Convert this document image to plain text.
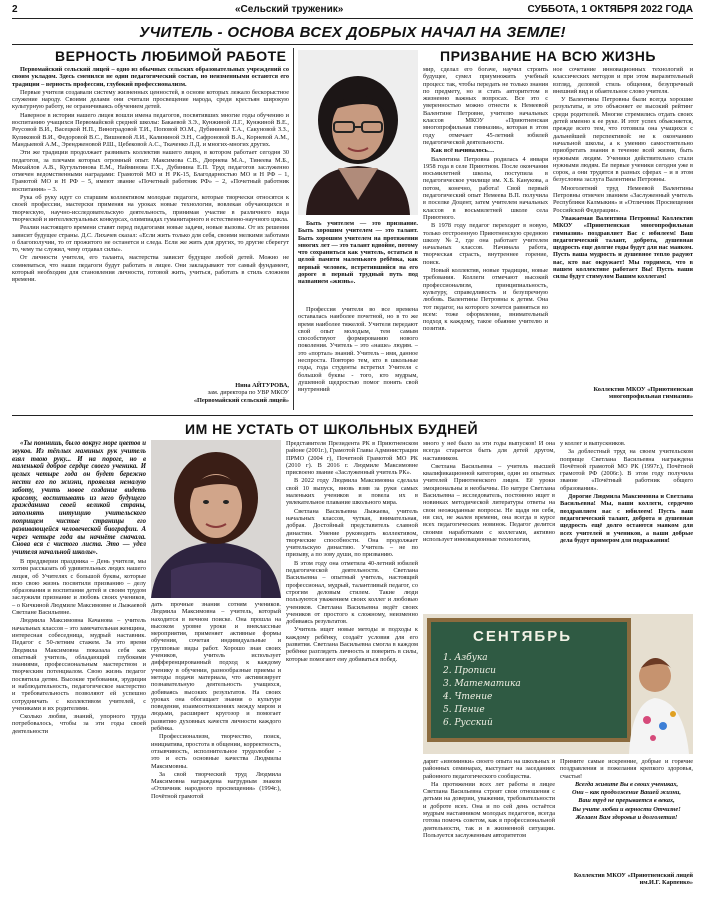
2	«Сельский труженик»	СУББОТА, 1 ОКТЯБРЯ 2022 ГОДА
УЧИТЕЛЬ - ОСНОВА ВСЕХ ДОБРЫХ НАЧАЛ НА ЗЕМЛЕ!
ВЕРНОСТЬ ЛЮБИМОЙ РАБОТЕ

Первомайский сельский лицей – одно из обычных сельских образовательных учреждений со своим укладом. Здесь сменился не один педагогический состав, но неизменными остаются его традиции – верность профессии, глубокий профессионализм.

Первые учителя создавали систему жизненных ценностей, в основе которых лежало бескорыстное служение народу. Своими делами они считали просвещение народа, среди крестьян широкую культурную работу, не ограничиваясь обучением детей.

Наверное в истории нашего лицея вошли имена педагогов, посвятивших многие годы обучению и воспитанию учащихся Первомайской средней школы: Бакаевой З.Э., Кунжиной Л.Г., Кунжиной В.Е., Реусовой В.И., Васецкой Н.П., Виноградовой Т.И., Поповой Ю.М., Дубининой Т.А., Сакуновой З.З., Куликовой В.И., Федоровой В.С., Вишневой Л.И., Калининой Э.Н., Сафроновой В.А., Корневой А.М., Мандыевой А.М., Эрендженовой Р.Ш., Цебековой А.С., Ткаченко Л.Д. и многих-многих других.

Эти же традиции продолжает развивать коллектив нашего лицея, в котором работает сегодня 30 педагогов, за плечами которых огромный опыт. Максимова С.В., Дюрнева М.А., Тинеева М.Б., Михайлов А.В., Кугультинова Е.М., Найминова Г.Х., Дубинина Е.П. Труд педагогов заслуженно отмечен ведомственными наградами: Грамотой МО и Н РК-15, Благодарностью МО и Н РФ – 1, Грамотой МО и Н РФ – 5, имеют звание «Почетный работник РФ» – 2, «Почетный работник воспитания» – 3.

Рука об руку идут со старшим коллективом молодые педагоги, которые творчески относятся к своей профессии, мастерски применяя на уроках новые технологии, вовлекая обучающихся в творческую, научно-исследовательскую деятельность, принимая участие в различного вида творческой и интеллектуальных конкурсах, олимпиадах гуманитарного и естественно-научного цикла.

Реалии настоящего времени ставят перед педагогами новые задачи, новые вызовы. От их решения зависит будущее страны. Д.С. Лихачев сказал: «Если жить только для себя, своими мелкими заботами о благополучии, то от прожитого не останется и следа. Если же жить для других, то другие сберегут то, чему ты служил, чему отдавал силы».

От личности учителя, его таланта, мастерства зависит будущее любой детей. Можно не сомневаться, что наши педагоги будут работать в лицее. Они закладывают тот самый фундамент, который необходим для становления личности, готовой жить, учиться, работать в стиль сложном времени.

Нина АЙТУРОВА,
зам. директора по УВР МКОУ
«Первомайский сельский лицей»

Быть учителем — это призвание. Быть хорошим учителем — это талант. Быть хорошим учителем на протяжении многих лет — это талант вдвойне, потому что сохраниться как учитель, остаться в целой памяти маленького ребёнка, как первый человек, встретившийся на его дороге в первый трудный путь под названием «жизнь».

Профессия учителя во все времена оставалась наиболее почетной, но в то же время наиболее тяжелой. Учителя передают свой опыт молодым, тем самым способствуют формированию нового поколения. Учитель – это «наше» людям. – это «портал» знаний. Учитель – имя, данное неспроста. Повторю тем, кто в школьные годы, года студенты встретил Учителя с большой буквы - того, кто мудрым, душевной щедростью помог понять свой внутренний

ПРИЗВАНИЕ НА ВСЮ ЖИЗНЬ

мир, сделал его богаче, научил строить будущее, сумел приумножить учебный процесс так, чтобы передать не только знания по предмету, но и стать авторитетом в жизненно важных вопросах. Все это с уверенностью можно отнести к Немеевой Валентине Петровне, учителю начальных классов МКОУ «Приютненская многопрофильная гимназия», которая в этом году отмечает 45-летний юбилей педагогической деятельности.

Как всё начиналось…

Валентина Петровна родилась 4 января 1958 года в селе Приютном. После окончания восьмилетней школы, поступила в педагогическое училище им. Х.Б. Канукова, а потом, конечно, работа! Свой первый педагогический опыт Немеева В.П. получила в поселке Доцент, затем учителем начальных классов в восьмилетней школе села Приютного.

В 1978 году педагог переходит в новую, только отстроенную Приютненскую среднюю школу №2, где она работает учителем начальных классов. Начинала работа, творческая страсть, внутреннее горение, поиск.

Новый коллектив, новые традиции, новые требования. Коллеги отмечают высокий профессионализм, принципиальность, культуру, справедливость и безупречную любовь. Валентины Петровны к детям. Она тот педагог, на которого хочется равняться во всем: тоже оформление, внимательный подход к каждому, такое обаяние учителю и позитив.

ное сочетание инновационных технологий и классических методов и при этом выразительный взгляд, деловой стиль общения, безупречный внешний вид и обаятельное слово учителя.

У Валентины Петровны были всегда хорошие результаты, и это объясняет ее высокий рейтинг среди родителей. Многие стремились отдать своих детей именно к ее руке. И этот успех объясняется, прежде всего тем, что готовила она учащихся с дальнейшей перспективой: не к окончанию начальной школы, а к умению самостоятельно приобретать знания в течение всей жизни, быть нужными людям. Ученики действительно стали нужными людям. Ее первые ученики сегодня уже в сорок, а они трудятся в разных сферах – и в этом безусловна заслуга Валентины Петровны.

Многолетний труд Немеевой Валентины Петровны отмечен званием «Заслуженный учитель Республики Калмыкия» и «Отличник Просвещения Российской Федерации».

Уважаемая Валентина Петровна! Коллектив МКОУ «Приютненская многопрофильная гимназия» поздравляет Вас с юбилеем! Ваш педагогический талант, доброта, душевная щедрость еще долгие годы будут для нас маяком. Пусть ваша мудрость и душевное тепло радуют вас, кто вас окружает! Мы гордимся, что в нашем коллективе работает Вы! Пусть ваши силы будут стимулом Вашим коллегам!

Коллектив МКОУ «Приютненская многопрофильная гимназия»
ИМ НЕ УСТАТЬ ОТ ШКОЛЬНЫХ БУДНЕЙ

«Ты помнишь, было вокруг море цветов и звуков. Из тёплых маминых рук учитель взял твою руку... И на пороге, но в маленькой доброе сердце своего ученика. И целых четыре года он будет бережно нести его по жизни, проявляя немалую заботу, учить новое создание видеть красоту, воспитывать из него будущего гражданина своей великой страны, заполнять интуицию учительского поприщем чистые страницы его развивающейся человеческой биографии. А через четыре года вы начнёте сначала. Снова вся с чистого листа. Это — удел учителя начальной школы».

В преддверии праздника – День учителя, мы хотим рассказать об удивительных людях нашего лицея, об Учителях с большой буквы, которые всю свою жизнь посвятили призванию – делу образования и воспитания детей и своим трудом заслужили признание и любовь своих учеников, – о Кичкиной Людмиле Максимовне и Лыжаевой Светлане Васильевне.

Людмила Максимовна Качанова – учитель начальных классов – это замечательная женщина, интересная собеседница, мудрый наставник. Педагог с 50-летним стажем. За это время Людмила Максимовна показала себя как опытный учитель, обладающий глубокими знаниями, профессиональным мастерством и творческим потенциалом. Свою жизнь педагог посвятила детям. Высокие требования, эрудиция и наблюдательность, педагогическое мастерство и требовательность позволяют ей успешно сотрудничать с коллективом учителей, с учениками и их родителями.

Сколько любви, знаний, упорного труда потребовалось, чтобы за эти годы своей деятельности

дать прочные знания сотням учеников. Людмила Максимовна – учитель, который находится в вечном поиске. Она прошла на высоком уровне уроки и внеклассные мероприятия, применяет активные формы обучения, сочетая индивидуальные и групповые виды работ. Хорошо зная своих учеников, учитель использует дифференцированный подход к каждому ученику в обучении, разнообразные приемы и методы подачи материала, что активизирует познавательную деятельность учащихся, добиваясь высоких результатов. На своих уроках она обогащает знания о культуре поведения, взаимоотношениях между миром и людьми, расширяет кругозор и помогает развитию духовных качеств личности каждого ребёнка.

Профессионализм, творчество, поиск, инициатива, простота в общении, корректность, отзывчивость, исполнительное трудолюбие - это и есть основные качества Людмилы Максимовны.

За свой творческий труд Людмила Максимовна награждена нагрудным знаком «Отличник народного просвещения» (1994г.), Почётной грамотой

Представителя Президента РК в Приютненском районе (2001г.), Грамотой Главы Администрации ПРМО (2004 г), Почетной Грамотой МО РК (2010 г). В 2016 г. Людмиле Максимовне присвоено звание «Заслуженный учитель РК».

В 2022 году Людмила Максимовна сделала свой 10 выпуск, вновь взяв за руки самых маленьких учеников и повела их в увлекательное плавание школьного мира.

Светлана Васильевна Лыжаева, учитель начальных классов, чуткая, внимательная, добрая. Достойный представитель славной династии. Умение руководить коллективом, творческие способности. Она продолжает учительскую династию. Учитель – не по призыву, а по зову души, по призванию.

В этом году она отметила 40-летний юбилей педагогической деятельности. Светлана Васильевна – опытный учитель, настоящий профессионал, мудрый, талантливый педагог, со строгим деловым стилем. Такие люди пользуются уважением своих коллег и любовью учеников. Светлана Васильевна ведёт своих учеников от простого к сложному, неизменно добиваясь результатов.

Учитель ищет новые методы и подходы к каждому ребёнку, создаёт условия для его развития. Светлана Васильевна смогла в каждом ребёнке разглядеть личность и поверить в силы, которые помогают ему добиваться побед.

много у неё было за эти годы выпусков! И она всегда старается быть для детей другом, наставником.

Светлана Васильевна – учитель высшей квалификационной категории, один из опытных учителей Приютненского лицея. Её уроки эмоциональны и необычны. По натуре Светлана Васильевна – исследователь, постоянно ищет в новинках методической литературы ответы на свои неожиданные вопросы. Не щадя ни себя, ни сил, не жалея времени, она всегда в курсе всех педагогических новинок. Педагог делится своими наработками с коллегами, активно использует инновационные технологии,

у коллег и выпускников.

За доблестный труд на своем учительском поприще Светлана Васильевна награждена Почётной грамотой МО РК (1997г.), Почётной грамотой РФ (2006г.). В этом году получила звание «Почётный работник общего образования».

Дорогие Людмила Максимовна и Светлана Васильевна! Мы, ваши коллеги, сердечно поздравляем вас с юбилеем! Пусть ваш педагогический талант, доброта и душевная щедрость ещё долго остаются маяком для всех учителей и учеников, а ваши добрые дела будут примером для подражания!

СЕНТЯБРЬ
1. Азбука
2. Прописи
3. Математика
4. Чтение
5. Пение
6. Русский

дарит «изюминки» своего опыта на школьных и районных семинарах, выступает на заседаниях районного педагогического сообщества.

На протяжении всех лет работы в лицее Светлана Васильевна строит свои отношения с детьми на доверии, уважении, требовательности и доброте всех. Она и по сей день остаётся мудрым наставником молодых педагогов, всегда готова помочь советом, как в профессиональной деятельности, так и в жизненной ситуации. Пользуется заслуженным авторитетом

Примите самые искренние, добрые и горячие поздравления и пожелания крепкого здоровья, счастья!

Всегда живите Вы в своих учениках,

Они – как продолжение Вашей жизни,

Ваш труд не прерывается в веках,

Вы учите любви и верности Отчизне!

Желаем Вам здоровья и долголетия!

Коллектив МКОУ «Приютненский лицей им.И.Г. Карпенко»
